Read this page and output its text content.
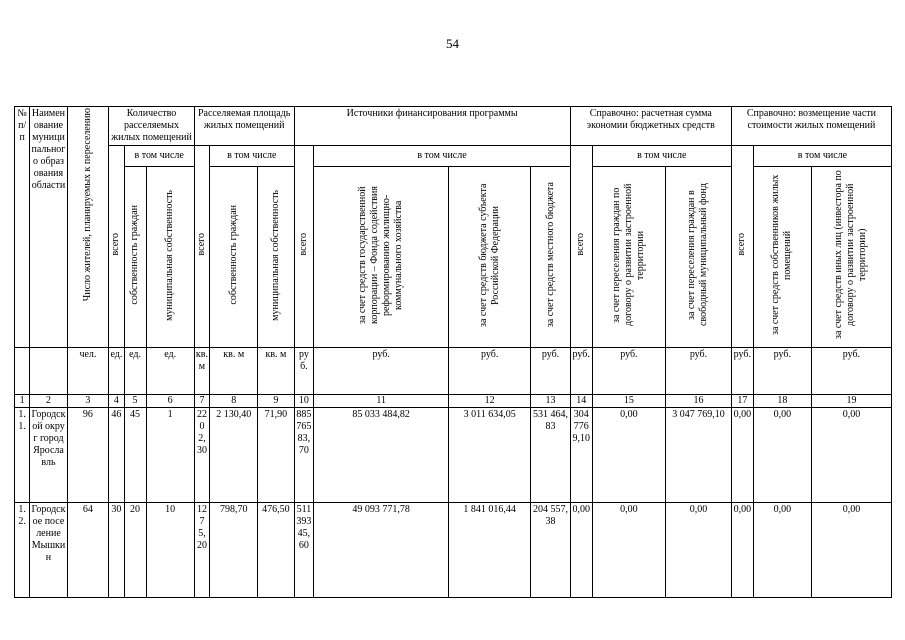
54
№ п/п	Наименование муниципального образования области	Число жителей, планируемых к переселению	Количество расселяемых жилых помещений			Расселяемая площадь жилых помещений			Источники финансирования программы				Справочно: расчетная сумма экономии бюджетных средств			Справочно: возмещение части стоимости жилых помещений		
			всего	в том числе		всего	в том числе		всего	в том числе			всего	в том числе		всего	в том числе	
				собственность граждан	муниципальная собственность		собственность граждан	муниципальная собственность		за счет средств государственной корпорации – Фонда содействия реформированию жилищно-коммунального хозяйства	за счет средств бюджета субъекта Российской Федерации	за счет средств местного бюджета		за счет переселения граждан по договору о развитии застроенной территории	за счет переселения граждан в свободный муниципальный фонд		за счет средств собственников жилых помещений	за счет средств иных лиц (инвестора по договору о развитии застроенной территории)
		чел.	ед.	ед.	ед.	кв. м	кв. м	кв. м	руб.	руб.	руб.	руб.	руб.	руб.	руб.	руб.	руб.	руб.
1	2	3	4	5	6	7	8	9	10	11	12	13	14	15	16	17	18	19
1.1.	Городской округ город Ярославль	96	46	45	1	2202,30	2 130,40	71,90	88576583,70	85 033 484,82	3 011 634,05	531 464,83	3047769,10	0,00	3 047 769,10	0,00	0,00	0,00
1.2.	Городское поселение Мышкин	64	30	20	10	1275,20	798,70	476,50	51139345,60	49 093 771,78	1 841 016,44	204 557,38	0,00	0,00	0,00	0,00	0,00	0,00
